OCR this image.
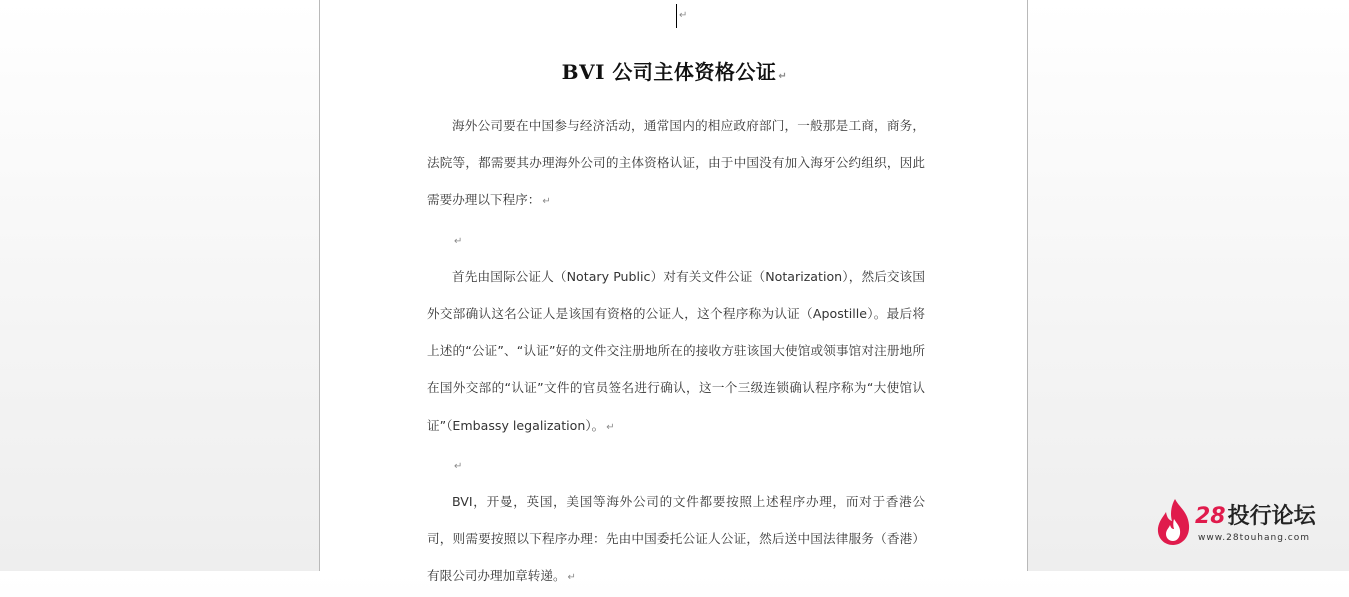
↵
BVI 公司主体资格公证 ↵

海外公司要在中国参与经济活动，通常国内的相应政府部门，一般那是工商，商务，法院等，都需要其办理海外公司的主体资格认证，由于中国没有加入海牙公约组织，因此需要办理以下程序： ↵

↵

首先由国际公证人（Notary Public）对有关文件公证（Notarization），然后交该国外交部确认这名公证人是该国有资格的公证人，这个程序称为认证（Apostille）。最后将上述的“公证”、“认证”好的文件交注册地所在的接收方驻该国大使馆或领事馆对注册地所在国外交部的“认证”文件的官员签名进行确认，这一个三级连锁确认程序称为“大使馆认证”（Embassy legalization）。 ↵

↵

BVI，开曼，英国，美国等海外公司的文件都要按照上述程序办理，而对于香港公司，则需要按照以下程序办理：先由中国委托公证人公证，然后送中国法律服务（香港）有限公司办理加章转递。 ↵

28投行论坛
www.28touhang.com
